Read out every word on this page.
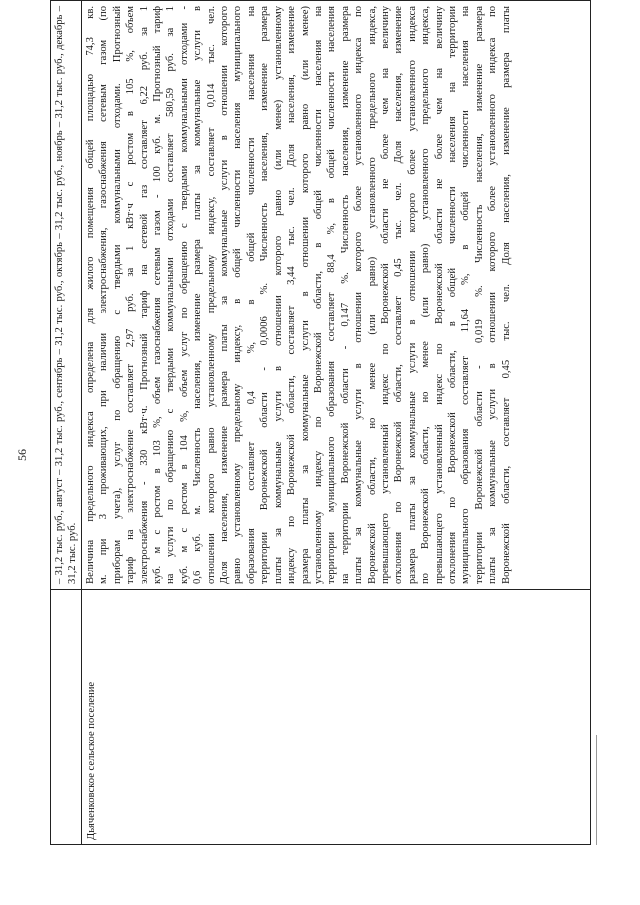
56 – 31,2 тыс. руб., август – 31,2 тыс. руб., сентябрь – 31,2 тыс. руб., октябрь – 31,2 тыс. руб., ноябрь – 31,2 тыс. руб., декабрь – 31,2 тыс. руб.
Дьяченковское сельское поселение
Величина предельного индекса определена для жилого помещения общей площадью 74,3 кв. м. при 3 проживающих, при наличии электроснабжения, газоснабжения сетевым газом (по приборам учета), услуг по обращению с твердыми коммунальными отходами. Прогнозный тариф на электроснабжение составляет 2,97 руб. за 1 кВт·ч с ростом в 105 %, объем электроснабжения - 330 кВт·ч. Прогнозный тариф на сетевой газ составляет 6,22 руб. за 1 куб. м с ростом в 103 %, объем газоснабжения сетевым газом - 100 куб. м. Прогнозный тариф на услуги по обращению с твердыми коммунальными отходами составляет 580,59 руб. за 1 куб. м с ростом в 104 %, объем услуг по обращению с твердыми коммунальными отходами - 0,6 куб. м. Численность населения, изменение размера платы за коммунальные услуги в отношении которого равно установленному предельному индексу, составляет 0,014 тыс. чел. Доля населения, изменение размера платы за коммунальные услуги в отношении которого равно установленному предельному индексу, в общей численности населения муниципального образования составляет 0,4 %, в общей численности населения на территории Воронежской области - 0,0006 %. Численность населения, изменение размера платы за коммунальные услуги в отношении которого равно (или менее) установленному индексу по Воронежской области, составляет 3,44 тыс. чел. Доля населения, изменение размера платы за коммунальные услуги в отношении которого равно (или менее) установленному индексу по Воронежской области, в общей численности населения на территории муниципального образования составляет 88,4 %, в общей численности населения на территории Воронежской области - 0,147 %. Численность населения, изменение размера платы за коммунальные услуги в отношении которого более установленного индекса по Воронежской области, но менее (или равно) установленного предельного индекса, превышающего установленный индекс по Воронежской области не более чем на величину отклонения по Воронежской области, составляет 0,45 тыс. чел. Доля населения, изменение размера платы за коммунальные услуги в отношении которого более установленного индекса по Воронежской области, но менее (или равно) установленного предельного индекса, превышающего установленный индекс по Воронежской области не более чем на величину отклонения по Воронежской области, в общей численности населения на территории муниципального образования составляет 11,64 %, в общей численности населения на территории Воронежской области - 0,019 %. Численность населения, изменение размера платы за коммунальные услуги в отношении которого более установленного индекса по Воронежской области, составляет 0,45 тыс. чел. Доля населения, изменение размера платы
